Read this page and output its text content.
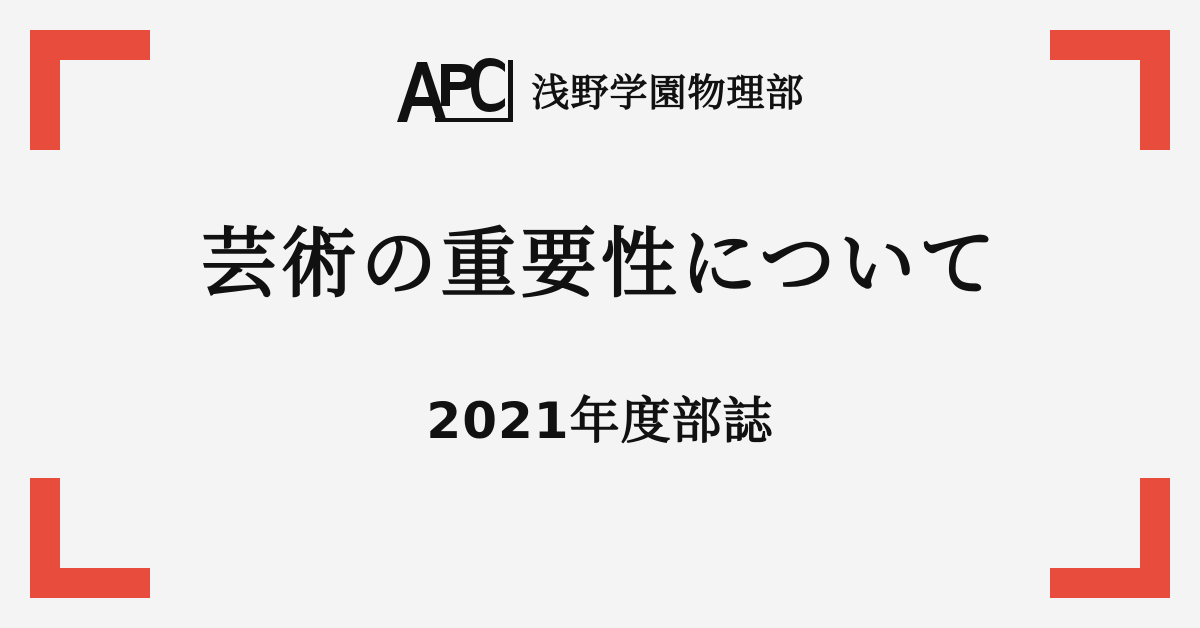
浅野学園物理部
芸術の重要性について
2021年度部誌
